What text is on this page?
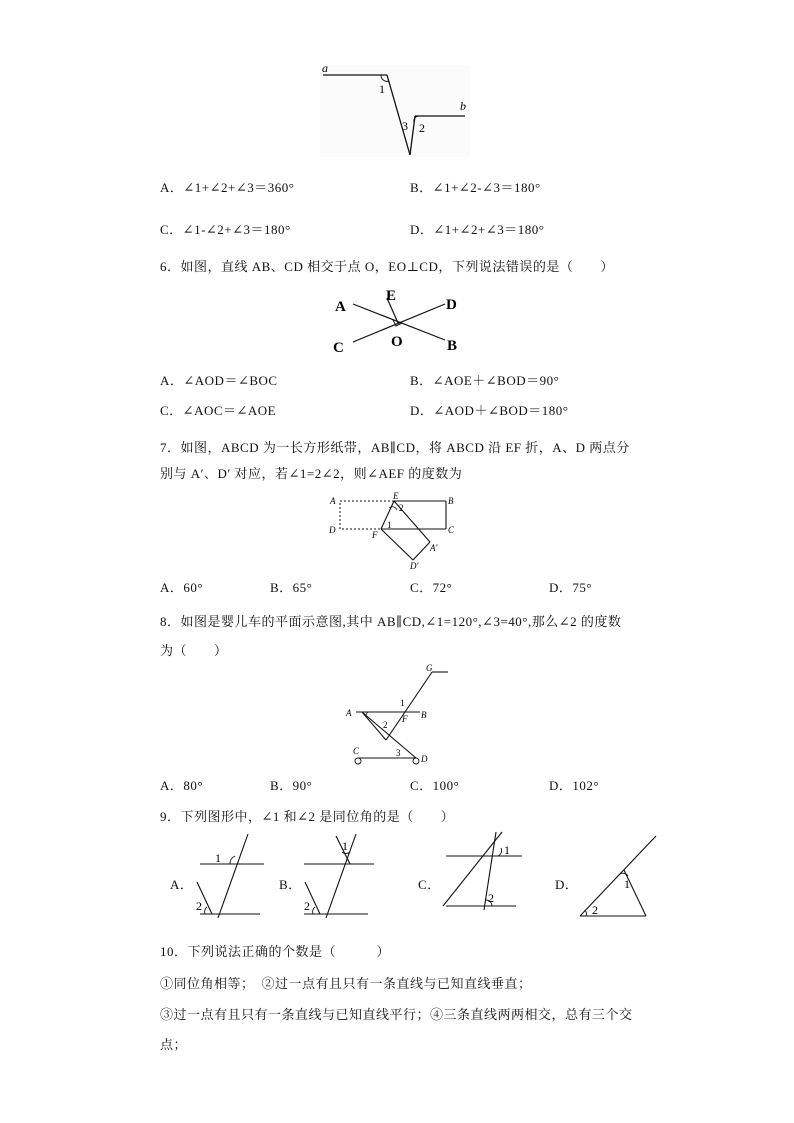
a
b
1
3 2
A．∠1+∠2+∠3＝360°	B．∠1+∠2-∠3＝180°
C．∠1-∠2+∠3＝180°	D．∠1+∠2+∠3＝180°
6．如图，直线 AB、CD 相交于点 O，EO⊥CD，下列说法错误的是（　　）
A
E
D
C	O	B
A．∠AOD＝∠BOC	B．∠AOE＋∠BOD＝90°
C．∠AOC＝∠AOE	D．∠AOD＋∠BOD＝180°
7．如图，ABCD 为一长方形纸带，AB∥CD，将 ABCD 沿 EF 折，A、D 两点分
别与 A′、D′ 对应，若∠1=2∠2，则∠AEF 的度数为
A	E
2
B
D	1	C
F
A′
D′
A．60°	B．65°	C．72°	D．75°
8．如图是婴儿车的平面示意图,其中 AB∥CD,∠1=120°,∠3=40°,那么∠2 的度数
为（　　）
G
1
A
F B
2
C	3
D
A．80°	B．90°	C．100°	D．102°
9．下列图形中，∠1 和∠2 是同位角的是（　　）
A．
1
2
B．
1
2
C．
1
2
D．	1
2
10．下列说法正确的个数是（　　　）
①同位角相等；　②过一点有且只有一条直线与已知直线垂直；
③过一点有且只有一条直线与已知直线平行；④三条直线两两相交，总有三个交
点；
